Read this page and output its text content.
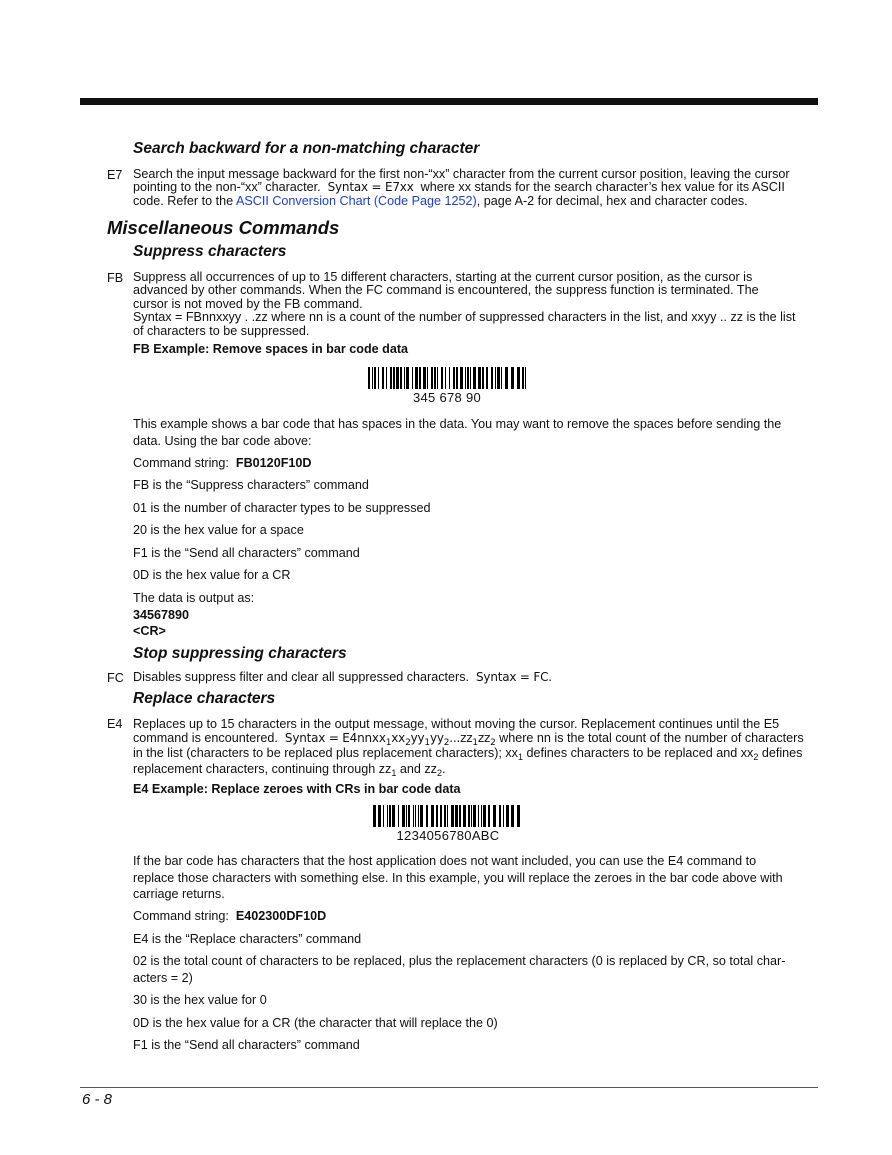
Search backward for a non-matching character
E7 Search the input message backward for the first non-“xx” character from the current cursor position, leaving the cursor
pointing to the non-“xx” character. Syntax = E7xx where xx stands for the search character’s hex value for its ASCII
code. Refer to the ASCII Conversion Chart (Code Page 1252), page A-2 for decimal, hex and character codes.
Miscellaneous Commands
Suppress characters
FB Suppress all occurrences of up to 15 different characters, starting at the current cursor position, as the cursor is
advanced by other commands. When the FC command is encountered, the suppress function is terminated. The
cursor is not moved by the FB command.
Syntax = FBnnxxyy . .zz where nn is a count of the number of suppressed characters in the list, and xxyy .. zz is the list
of characters to be suppressed.
FB Example: Remove spaces in bar code data
345 678 90
This example shows a bar code that has spaces in the data. You may want to remove the spaces before sending the
data. Using the bar code above:
Command string: FB0120F10D
FB is the “Suppress characters” command
01 is the number of character types to be suppressed
20 is the hex value for a space
F1 is the “Send all characters” command
0D is the hex value for a CR
The data is output as:
34567890
<CR>
Stop suppressing characters
FC Disables suppress filter and clear all suppressed characters. Syntax = FC.
Replace characters
E4 Replaces up to 15 characters in the output message, without moving the cursor. Replacement continues until the E5
command is encountered. Syntax = $E4nnxx_1xx_2yy_1yy_2...zz_1zz_2$ where nn is the total count of the number of characters
in the list (characters to be replaced plus replacement characters); $xx_1$ defines characters to be replaced and $xx_2$ defines
replacement characters, continuing through $zz_1$ and $zz_2$.
E4 Example: Replace zeroes with CRs in bar code data
1234056780ABC
If the bar code has characters that the host application does not want included, you can use the E4 command to
replace those characters with something else. In this example, you will replace the zeroes in the bar code above with
carriage returns.
Command string: E402300DF10D
E4 is the “Replace characters” command
02 is the total count of characters to be replaced, plus the replacement characters (0 is replaced by CR, so total char-
acters = 2)
30 is the hex value for 0
0D is the hex value for a CR (the character that will replace the 0)
F1 is the “Send all characters” command
6 - 8
